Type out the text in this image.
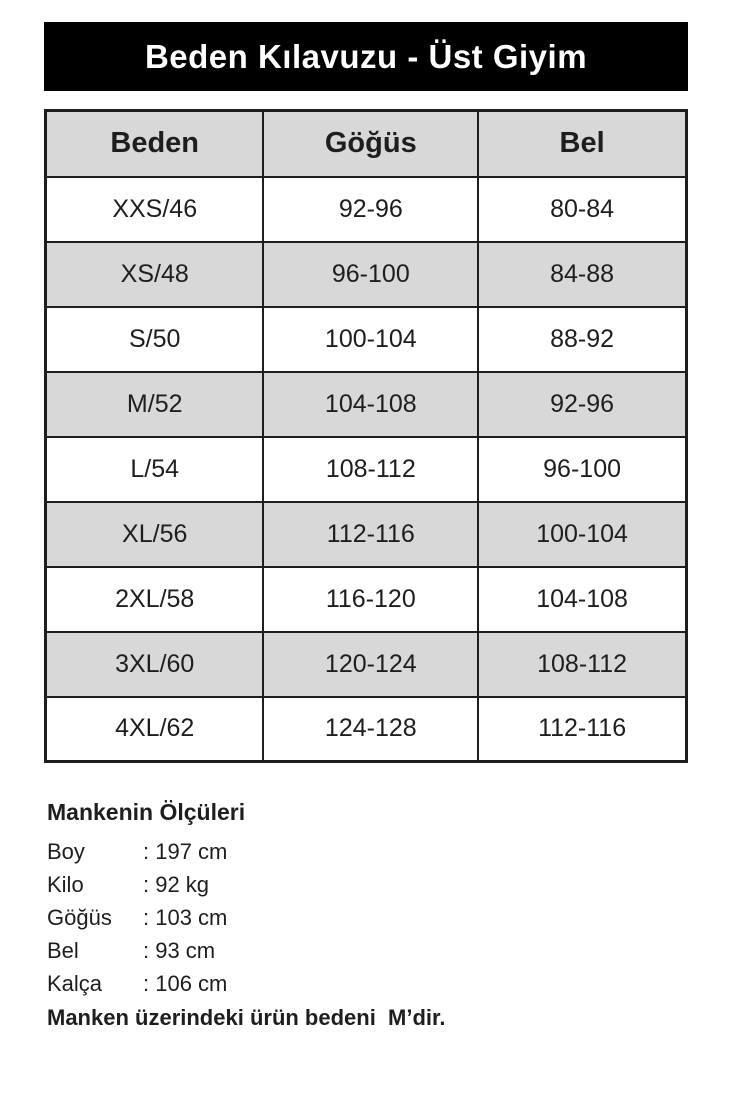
Beden Kılavuzu - Üst Giyim
Beden	Göğüs	Bel
XXS/46	92-96	80-84
XS/48	96-100	84-88
S/50	100-104	88-92
M/52	104-108	92-96
L/54	108-112	96-100
XL/56	112-116	100-104
2XL/58	116-120	104-108
3XL/60	120-124	108-112
4XL/62	124-128	112-116
Mankenin Ölçüleri
Boy	: 197 cm
Kilo	: 92 kg
Göğüs	: 103 cm
Bel	: 93 cm
Kalça	: 106 cm

Manken üzerindeki ürün bedeni  M’dir.
